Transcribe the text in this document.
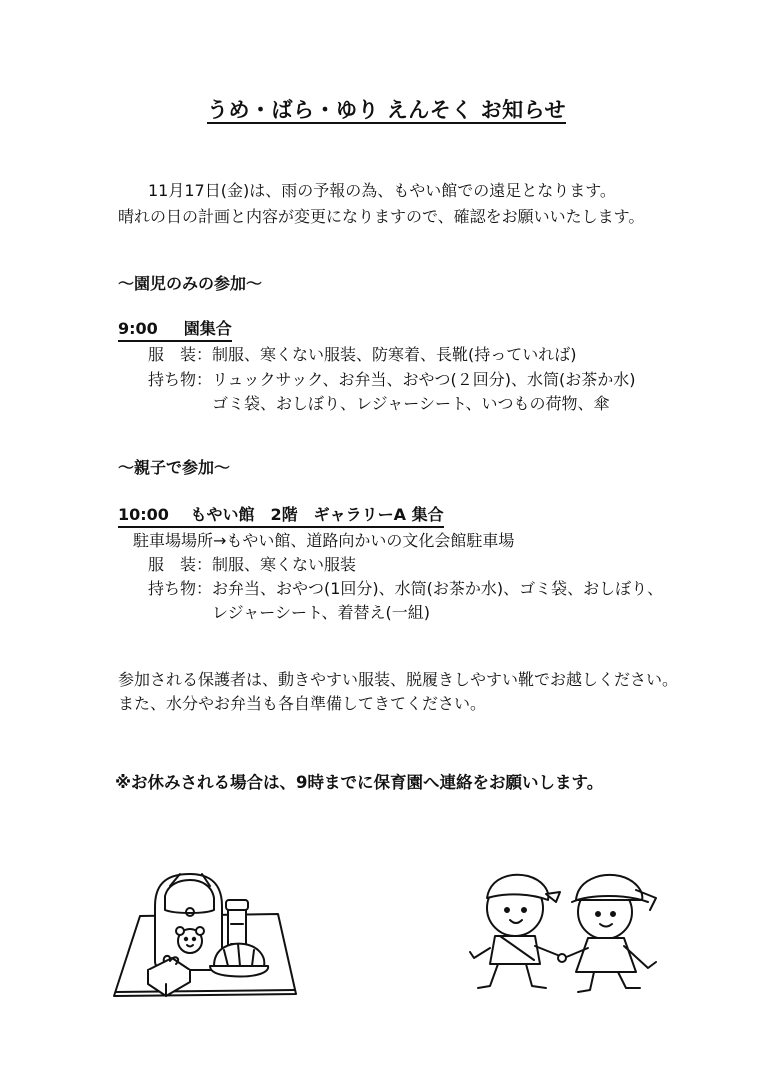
うめ・ばら・ゆり えんそく お知らせ
11月17日(金)は、雨の予報の為、もやい館での遠足となります。
晴れの日の計画と内容が変更になりますので、確認をお願いいたします。
～園児のみの参加～
9:00 園集合
服　装： 制服、寒くない服装、防寒着、長靴(持っていれば)
持ち物： リュックサック、お弁当、おやつ(２回分)、水筒(お茶か水)
ゴミ袋、おしぼり、レジャーシート、いつもの荷物、傘
～親子で参加～
10:00　 もやい館　2階　ギャラリーA 集合
駐車場場所→もやい館、道路向かいの文化会館駐車場
服　装： 制服、寒くない服装
持ち物： お弁当、おやつ(1回分)、水筒(お茶か水)、ゴミ袋、おしぼり、
レジャーシート、着替え(一組)
参加される保護者は、動きやすい服装、脱履きしやすい靴でお越しください。
また、水分やお弁当も各自準備してきてください。
※お休みされる場合は、9時までに保育園へ連絡をお願いします。
